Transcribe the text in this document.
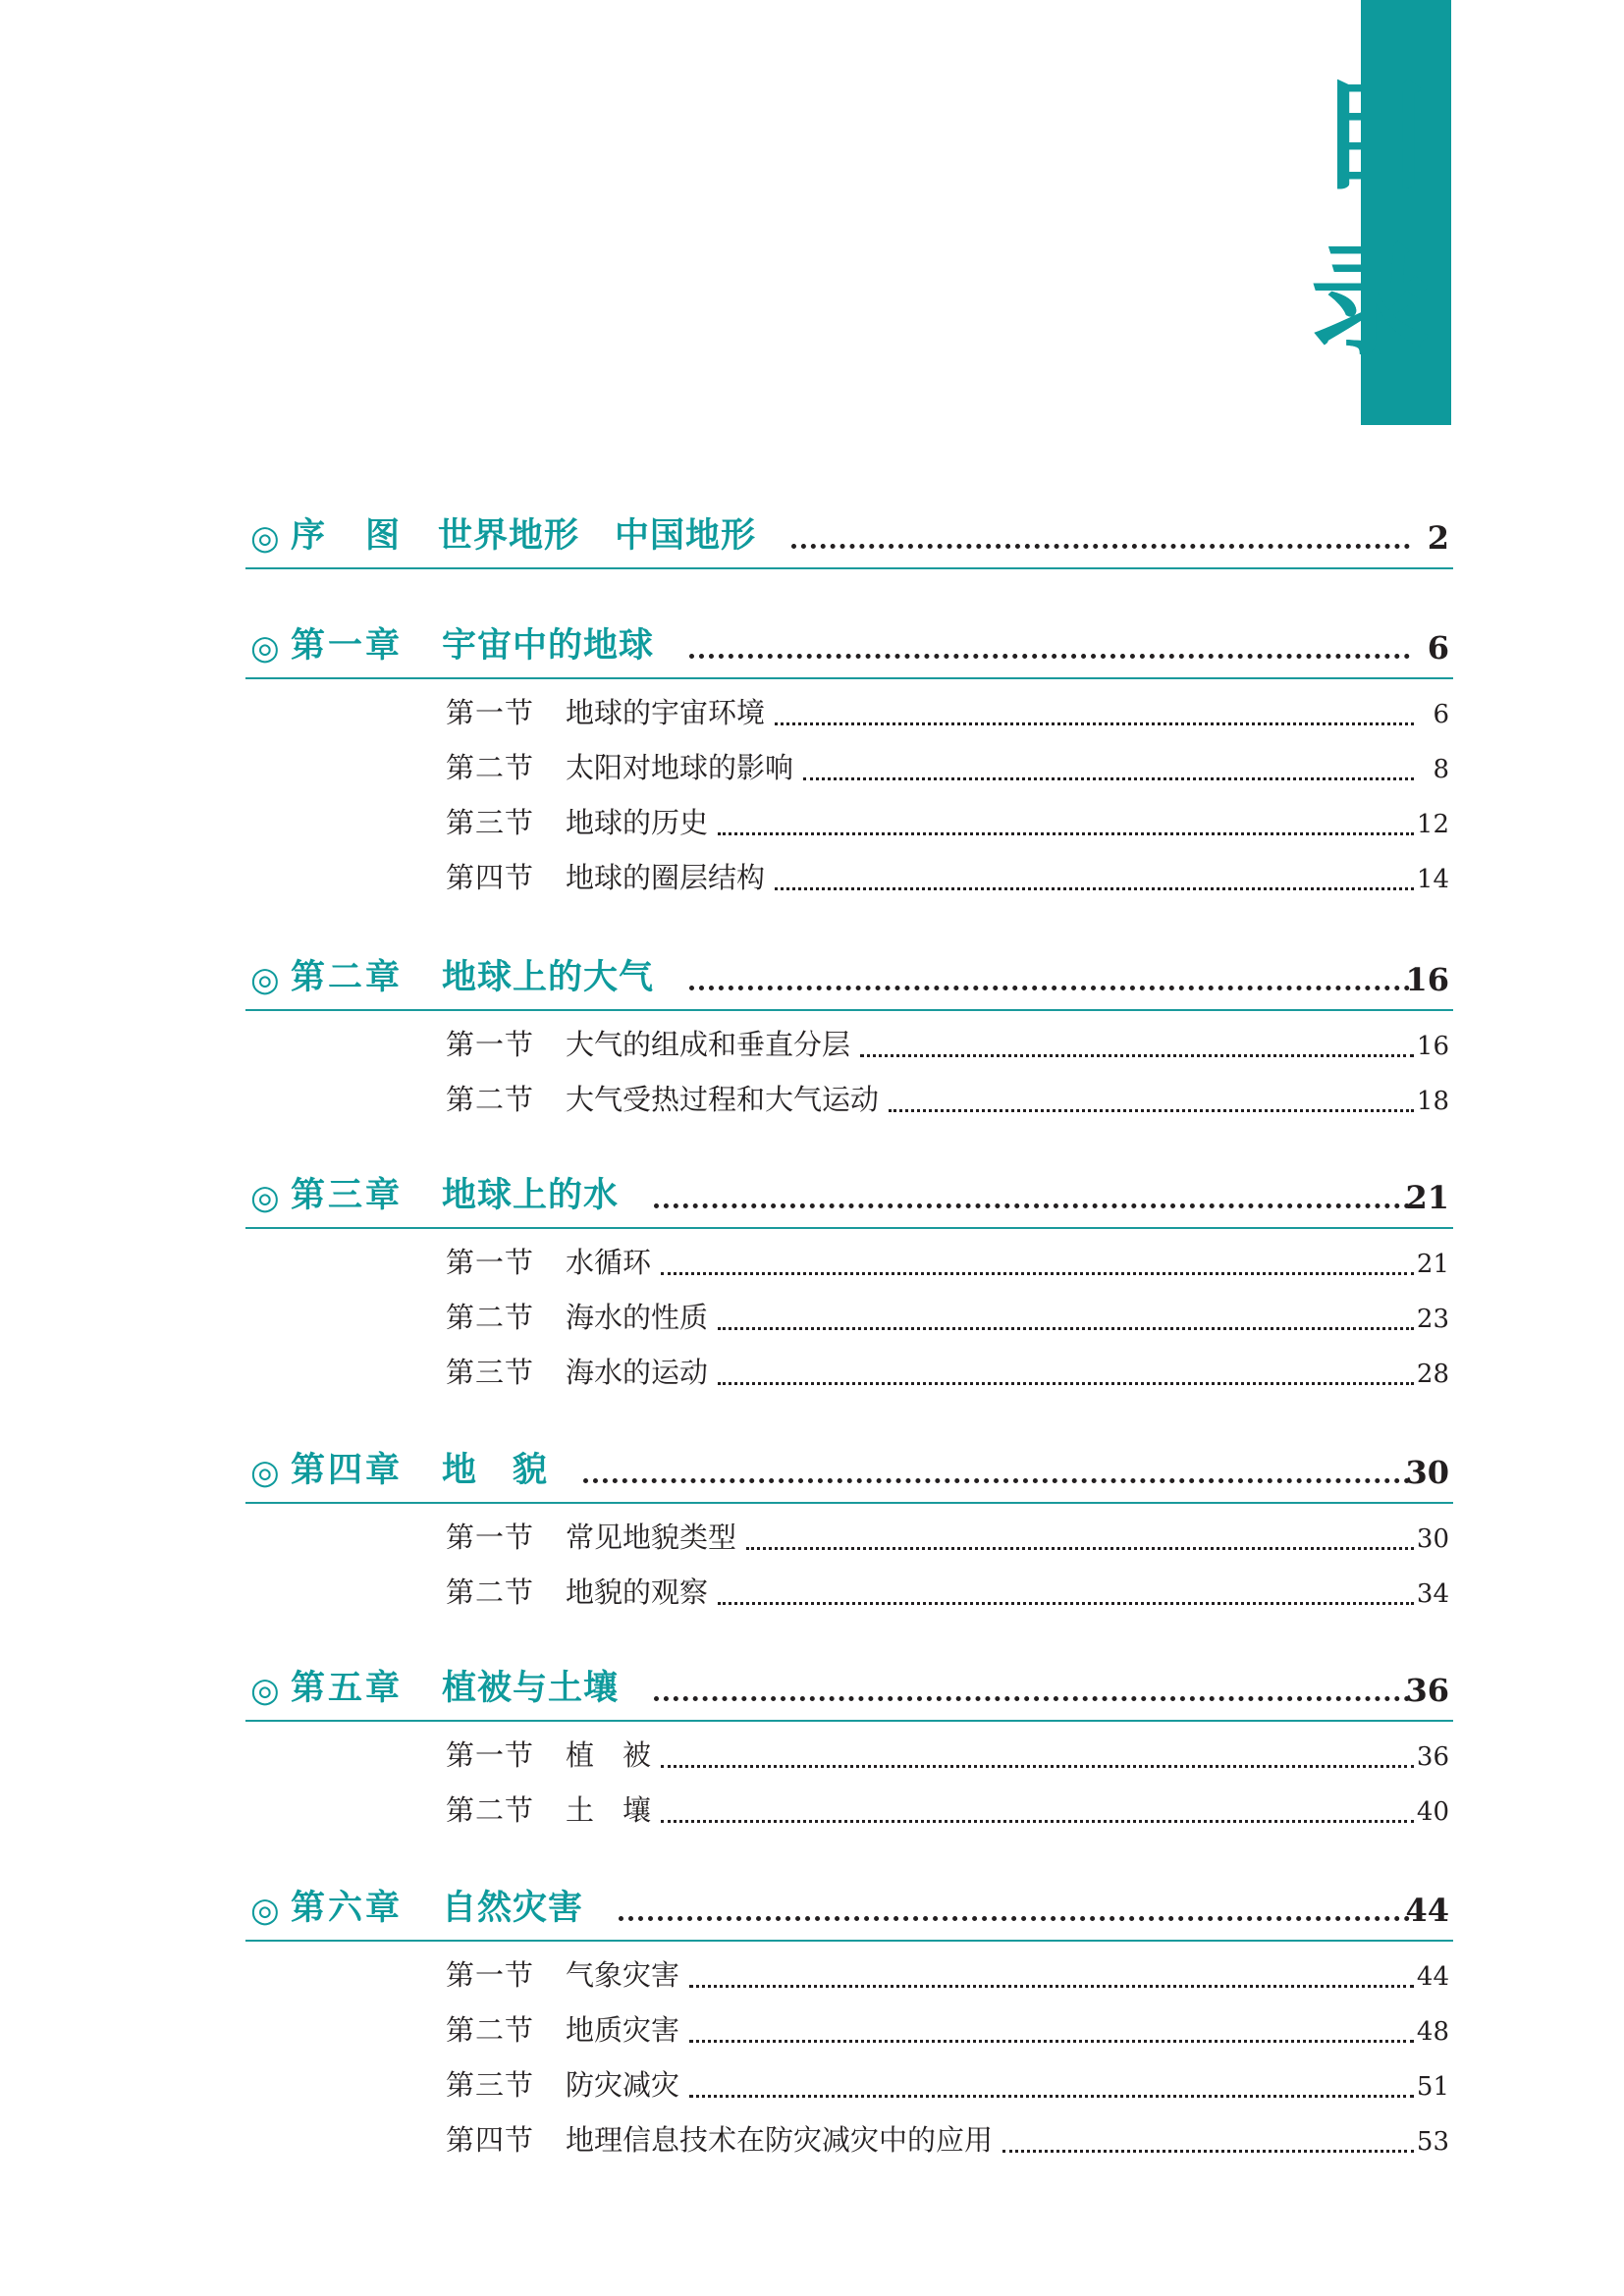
目
录
◎ 序　图 世界地形　中国地形	2
◎ 第一章 宇宙中的地球	6
第一节 地球的宇宙环境	6
第二节 太阳对地球的影响	8
第三节 地球的历史	12
第四节 地球的圈层结构	14
◎ 第二章 地球上的大气	16
第一节 大气的组成和垂直分层	16
第二节 大气受热过程和大气运动	18
◎ 第三章 地球上的水	21
第一节 水循环	21
第二节 海水的性质	23
第三节 海水的运动	28
◎ 第四章 地　貌	30
第一节 常见地貌类型	30
第二节 地貌的观察	34
◎ 第五章 植被与土壤	36
第一节 植　被	36
第二节 土　壤	40
◎ 第六章 自然灾害	44
第一节 气象灾害	44
第二节 地质灾害	48
第三节 防灾减灾	51
第四节 地理信息技术在防灾减灾中的应用	53
